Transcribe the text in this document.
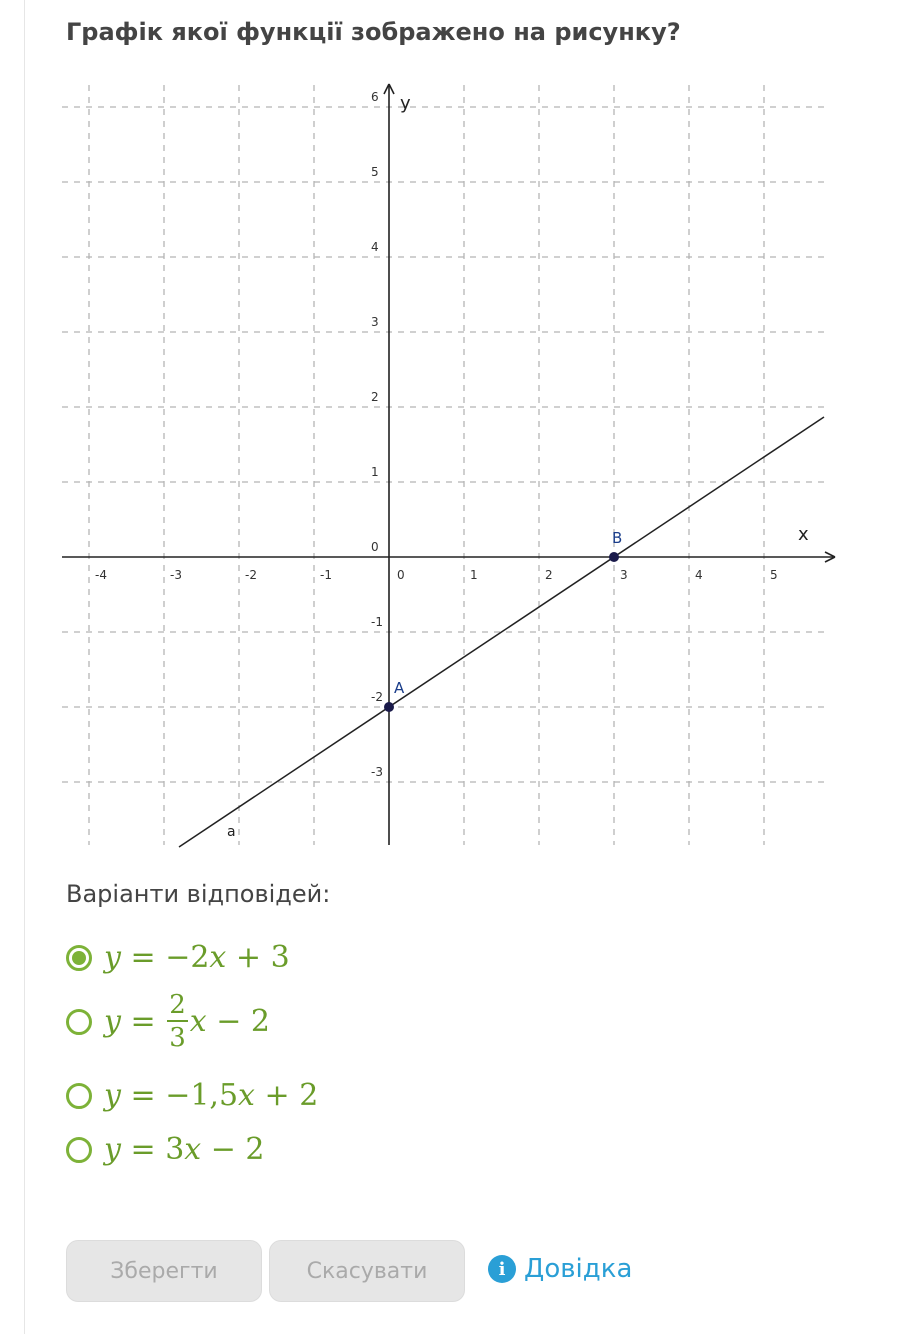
Графік якої функції зображено на рисунку?
x
y
-4	-3	-2	-1	0	1	2	3	4	5
6
5
4
3
2
1
0
-1
-2
-3
a
A
B
Варіанти відповідей:
y
=
−2 x
+ 3
y
=
$\frac{2}{3}$ x
− 2
y
=
−1,5 x
+ 2
y
=
3 x
− 2
Зберегти	Скасувати	i Довідка
